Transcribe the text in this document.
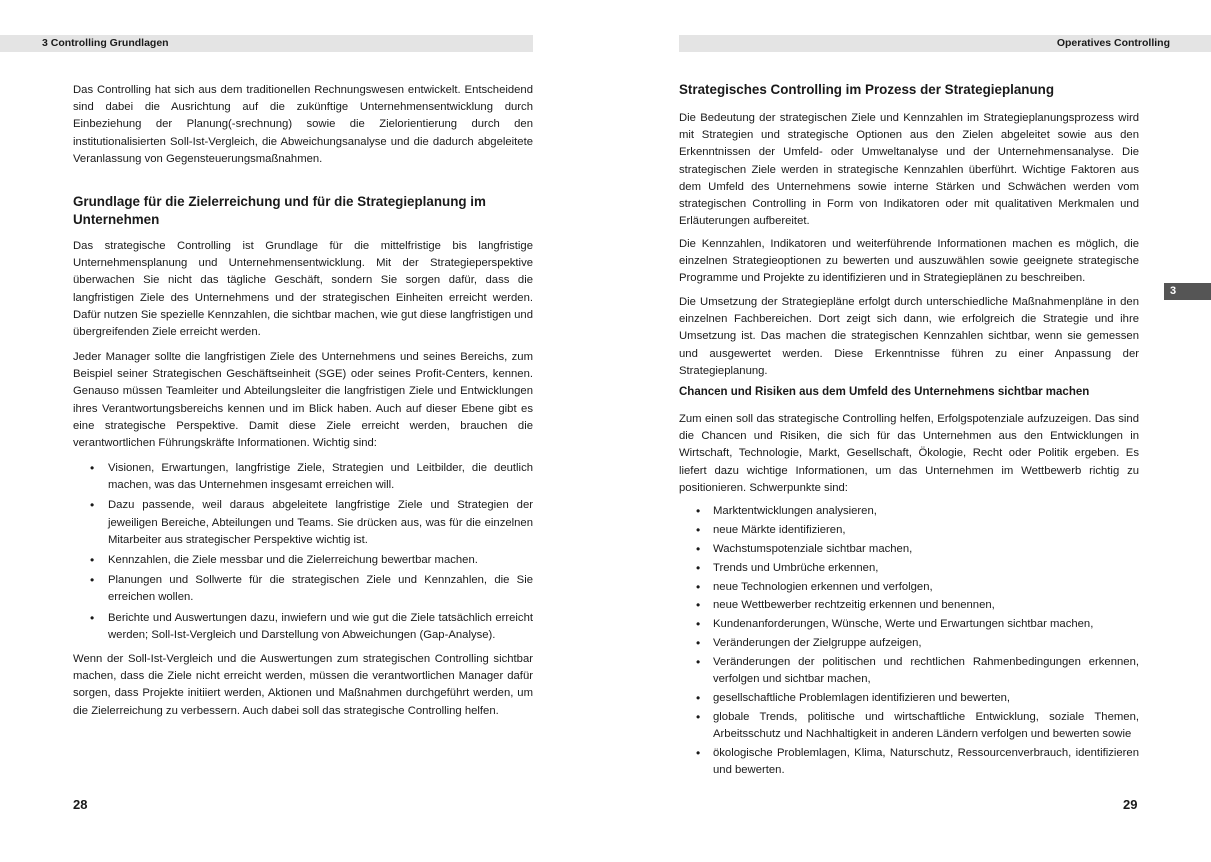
3 Controlling Grundlagen

Das Controlling hat sich aus dem traditionellen Rechnungswesen entwickelt. Entscheidend sind dabei die Ausrichtung auf die zukünftige Unternehmensentwicklung durch Einbeziehung der Planung(-srechnung) sowie die Zielorientierung durch den institutionalisierten Soll-Ist-Vergleich, die Abweichungsanalyse und die dadurch abgeleitete Veranlassung von Gegensteuerungsmaßnahmen.

Grundlage für die Zielerreichung und für die Strategieplanung im Unternehmen

Das strategische Controlling ist Grundlage für die mittelfristige bis langfristige Unternehmensplanung und Unternehmensentwicklung. Mit der Strategieperspektive überwachen Sie nicht das tägliche Geschäft, sondern Sie sorgen dafür, dass die langfristigen Ziele des Unternehmens und der strategischen Einheiten erreicht werden. Dafür nutzen Sie spezielle Kennzahlen, die sichtbar machen, wie gut diese langfristigen und übergreifenden Ziele erreicht werden.

Jeder Manager sollte die langfristigen Ziele des Unternehmens und seines Bereichs, zum Beispiel seiner Strategischen Geschäftseinheit (SGE) oder seines Profit-Centers, kennen. Genauso müssen Teamleiter und Abteilungsleiter die langfristigen Ziele und Entwicklungen ihres Verantwortungsbereichs kennen und im Blick haben. Auch auf dieser Ebene gibt es eine strategische Perspektive. Damit diese Ziele erreicht werden, brauchen die verantwortlichen Führungskräfte Informationen. Wichtig sind:

• Visionen, Erwartungen, langfristige Ziele, Strategien und Leitbilder, die deutlich machen, was das Unternehmen insgesamt erreichen will.
• Dazu passende, weil daraus abgeleitete langfristige Ziele und Strategien der jeweiligen Bereiche, Abteilungen und Teams. Sie drücken aus, was für die einzelnen Mitarbeiter aus strategischer Perspektive wichtig ist.
• Kennzahlen, die Ziele messbar und die Zielerreichung bewertbar machen.
• Planungen und Sollwerte für die strategischen Ziele und Kennzahlen, die Sie erreichen wollen.
• Berichte und Auswertungen dazu, inwiefern und wie gut die Ziele tatsächlich erreicht werden; Soll-Ist-Vergleich und Darstellung von Abweichungen (Gap-Analyse).

Wenn der Soll-Ist-Vergleich und die Auswertungen zum strategischen Controlling sichtbar machen, dass die Ziele nicht erreicht werden, müssen die verantwortlichen Manager dafür sorgen, dass Projekte initiiert werden, Aktionen und Maßnahmen durchgeführt werden, um die Zielerreichung zu verbessern. Auch dabei soll das strategische Controlling helfen.

28
Operatives Controlling
Strategisches Controlling im Prozess der Strategieplanung

Die Bedeutung der strategischen Ziele und Kennzahlen im Strategieplanungsprozess wird mit Strategien und strategische Optionen aus den Zielen abgeleitet sowie aus den Erkenntnissen der Umfeld- oder Umweltanalyse und der Unternehmensanalyse. Die strategischen Ziele werden in strategische Kennzahlen überführt. Wichtige Faktoren aus dem Umfeld des Unternehmens sowie interne Stärken und Schwächen werden vom strategischen Controlling in Form von Indikatoren oder mit qualitativen Merkmalen und Erläuterungen aufbereitet.

Die Kennzahlen, Indikatoren und weiterführende Informationen machen es möglich, die einzelnen Strategieoptionen zu bewerten und auszuwählen sowie geeignete strategische Programme und Projekte zu identifizieren und in Strategieplänen zu beschreiben.

Die Umsetzung der Strategiepläne erfolgt durch unterschiedliche Maßnahmenpläne in den einzelnen Fachbereichen. Dort zeigt sich dann, wie erfolgreich die Strategie und ihre Umsetzung ist. Das machen die strategischen Kennzahlen sichtbar, wenn sie gemessen und ausgewertet werden. Diese Erkenntnisse führen zu einer Anpassung der Strategieplanung.

Chancen und Risiken aus dem Umfeld des Unternehmens sichtbar machen

Zum einen soll das strategische Controlling helfen, Erfolgspotenziale aufzuzeigen. Das sind die Chancen und Risiken, die sich für das Unternehmen aus den Entwicklungen in Wirtschaft, Technologie, Markt, Gesellschaft, Ökologie, Recht oder Politik ergeben. Es liefert dazu wichtige Informationen, um das Unternehmen im Wettbewerb richtig zu positionieren. Schwerpunkte sind:

• Marktentwicklungen analysieren,
• neue Märkte identifizieren,
• Wachstumspotenziale sichtbar machen,
• Trends und Umbrüche erkennen,
• neue Technologien erkennen und verfolgen,
• neue Wettbewerber rechtzeitig erkennen und benennen,
• Kundenanforderungen, Wünsche, Werte und Erwartungen sichtbar machen,
• Veränderungen der Zielgruppe aufzeigen,
• Veränderungen der politischen und rechtlichen Rahmenbedingungen erkennen, verfolgen und sichtbar machen,
• gesellschaftliche Problemlagen identifizieren und bewerten,
• globale Trends, politische und wirtschaftliche Entwicklung, soziale Themen, Arbeitsschutz und Nachhaltigkeit in anderen Ländern verfolgen und bewerten sowie
• ökologische Problemlagen, Klima, Naturschutz, Ressourcenverbrauch, identifizieren und bewerten.
3
29
